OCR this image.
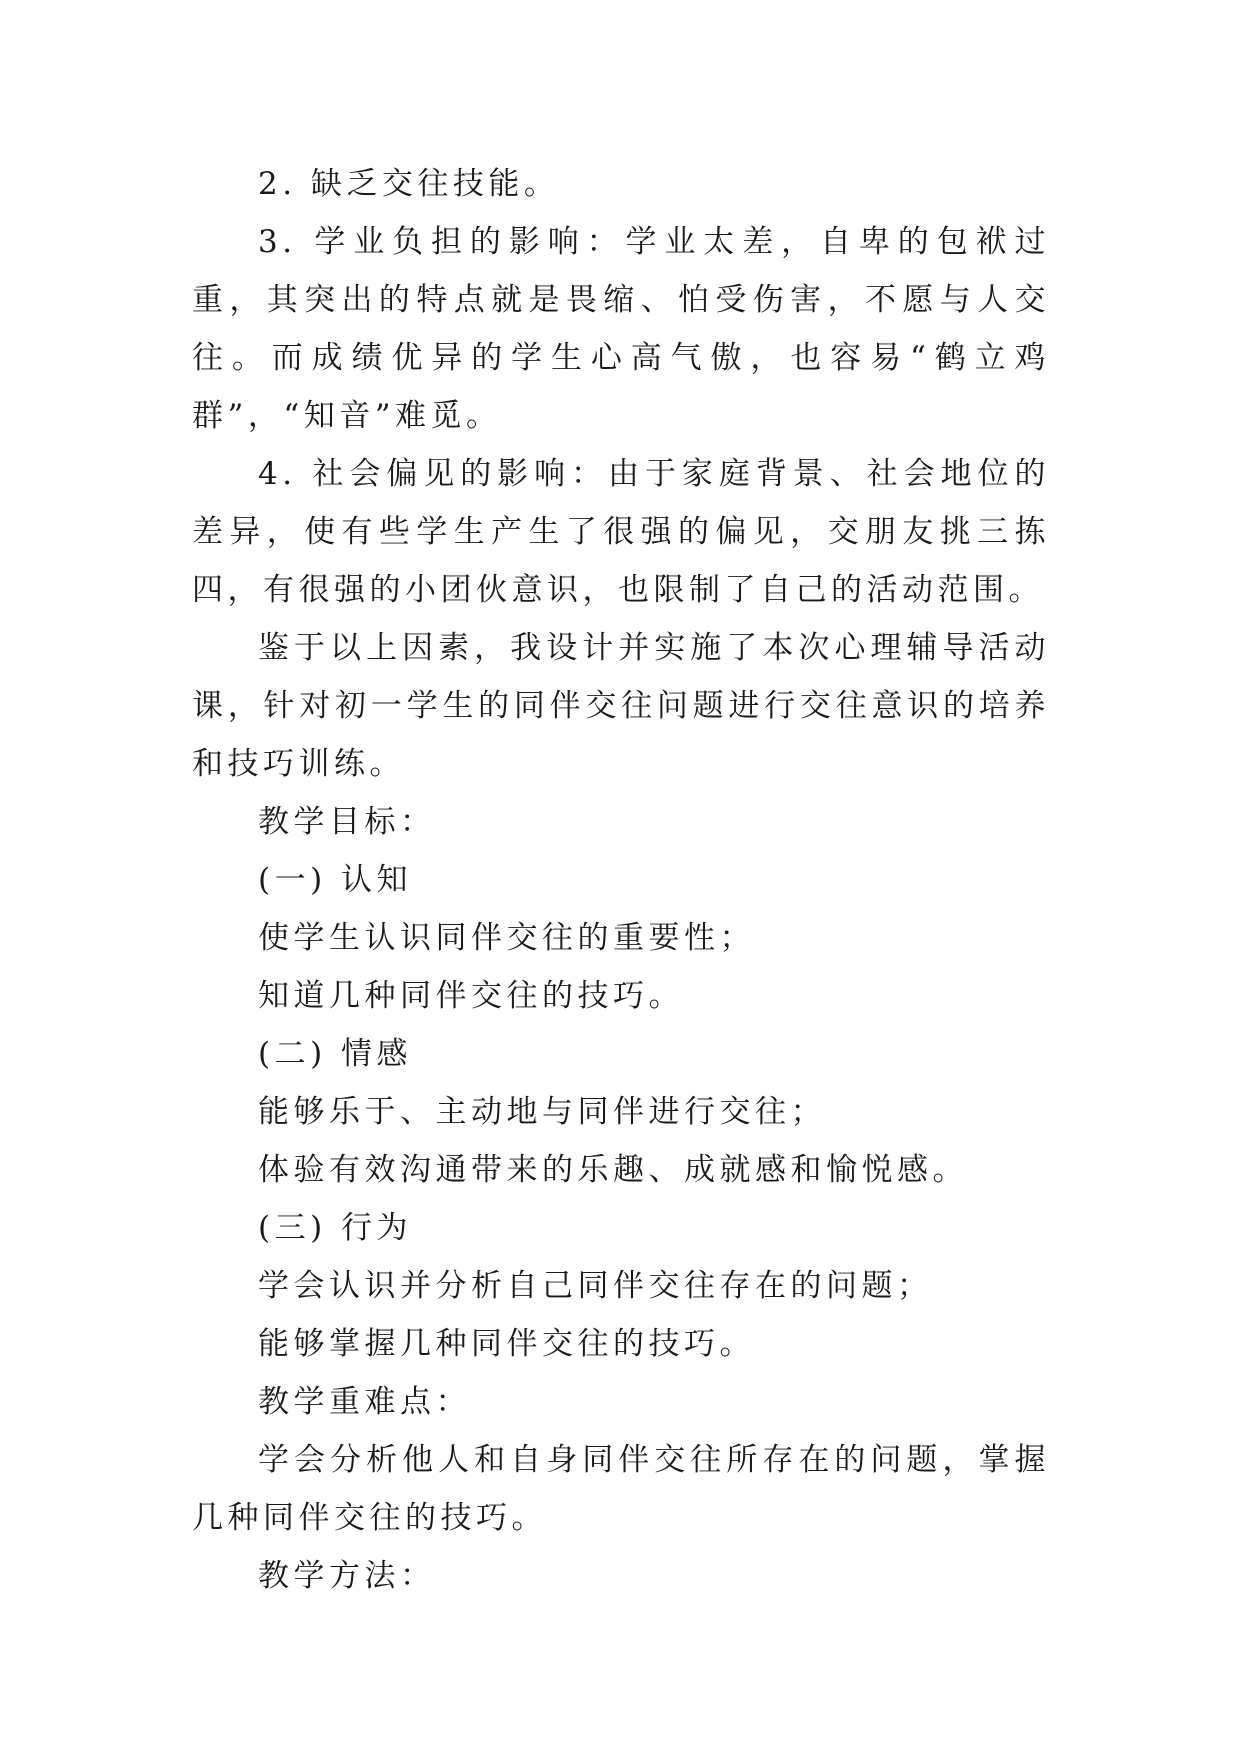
2. 缺乏交往技能。

3. 学业负担的影响：学业太差，自卑的包袱过重，其突出的特点就是畏缩、怕受伤害，不愿与人交往。而成绩优异的学生心高气傲，也容易“鹤立鸡群”，“知音”难觅。

4. 社会偏见的影响：由于家庭背景、社会地位的差异，使有些学生产生了很强的偏见，交朋友挑三拣四，有很强的小团伙意识，也限制了自己的活动范围。

鉴于以上因素，我设计并实施了本次心理辅导活动课，针对初一学生的同伴交往问题进行交往意识的培养和技巧训练。

教学目标：

(一) 认知

使学生认识同伴交往的重要性；

知道几种同伴交往的技巧。

(二) 情感

能够乐于、主动地与同伴进行交往；

体验有效沟通带来的乐趣、成就感和愉悦感。

(三) 行为

学会认识并分析自己同伴交往存在的问题；

能够掌握几种同伴交往的技巧。

教学重难点：

学会分析他人和自身同伴交往所存在的问题，掌握几种同伴交往的技巧。

教学方法：
